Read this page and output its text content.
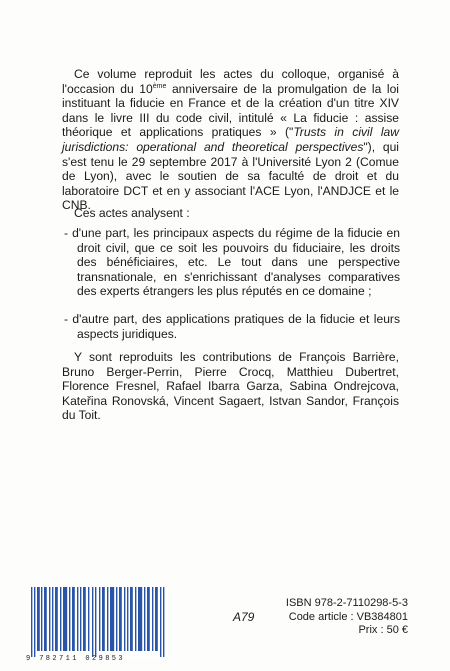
Ce volume reproduit les actes du colloque, organisé à l'occasion du 10ème anniversaire de la promulgation de la loi instituant la fiducie en France et de la création d'un titre XIV dans le livre III du code civil, intitulé « La fiducie : assise théorique et applications pratiques » ("Trusts in civil law jurisdictions: operational and theoretical perspectives"), qui s'est tenu le 29 septembre 2017 à l'Université Lyon 2 (Comue de Lyon), avec le soutien de sa faculté de droit et du laboratoire DCT et en y associant l'ACE Lyon, l'ANDJCE et le CNB.
Ces actes analysent :
- d'une part, les principaux aspects du régime de la fiducie en droit civil, que ce soit les pouvoirs du fiduciaire, les droits des bénéficiaires, etc. Le tout dans une perspective transnationale, en s'enrichissant d'analyses comparatives des experts étrangers les plus réputés en ce domaine ;
- d'autre part, des applications pratiques de la fiducie et leurs aspects juridiques.
Y sont reproduits les contributions de François Barrière, Bruno Berger-Perrin, Pierre Crocq, Matthieu Dubertret, Florence Fresnel, Rafael Ibarra Garza, Sabina Ondrejcova, Kateřina Ronovská, Vincent Sagaert, Istvan Sandor, François du Toit.
9 782711 029853
A79
ISBN 978-2-7110298-5-3
Code article : VB384801
Prix : 50 €
